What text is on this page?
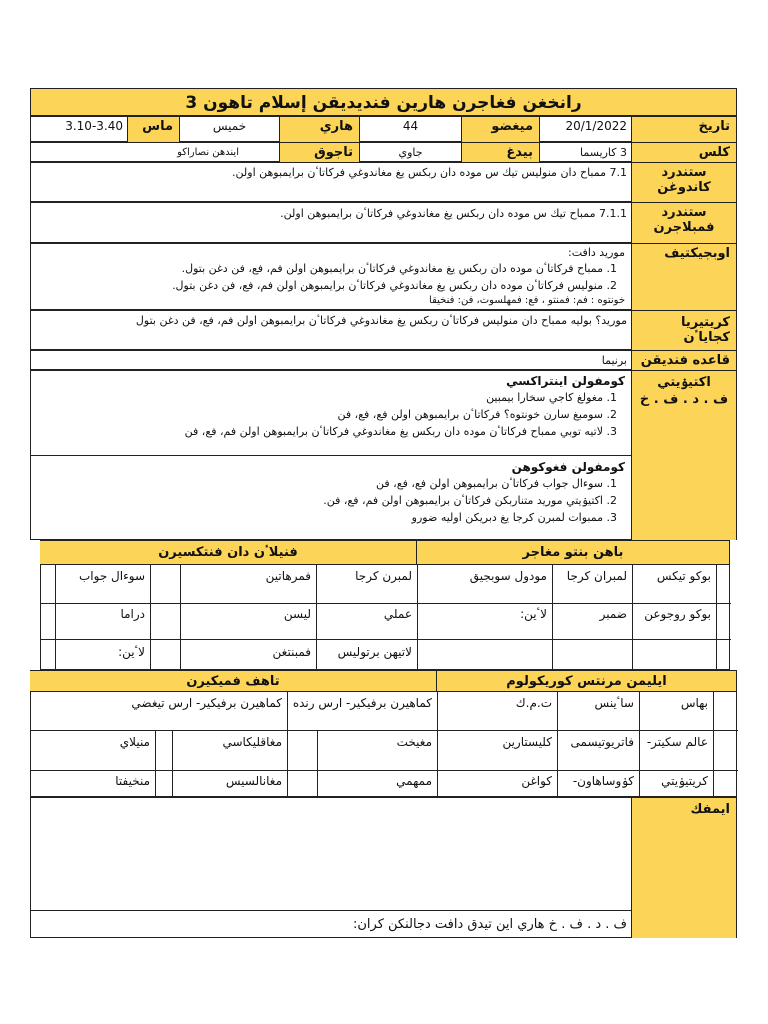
رانخغن فغاجرن هارين فنديديقن إسلام تاهون 3
تاريخ
20/1/2022
ميغضو
44
هاري
خميس
ماس
3.10-3.40
كلس
3 كاريسما
بيدغ
جاوي
تاجوق
ايندهن نصاراكو
ستندرد كاندوغن
7.1 ممباح دان منوليس تيك س موده دان ربكس يغ مغاندوغي فركاتاٴن برايمبوهن اولن.
ستندرد فمبلاجرن
7.1.1 ممباح تيك س موده دان ربكس يغ مغاندوغي فركاتاٴن برايمبوهن اولن.
اوبجيكتيف
موريد دافت:
1. ممباح فركاتاٴن موده دان ربكس يغ مغاندوغي فركاتاٴن برايمبوهن اولن فم، فع، فن دغن بتول.
2. منوليس فركاتاٴن موده دان ربكس يغ مغاندوغي فركاتاٴن برايمبوهن اولن فم، فع، فن دغن بتول.
خونتوه : فم: فمنتو ، فع: فمهلسوت، فن: فنخيقا
كريتيريا كجاياٴن
موريد؟ بوليه ممباح دان منوليس فركاتاٴن ربكس يغ مغاندوغي فركاتاٴن برايمبوهن اولن فم، فع، فن دغن بتول
قاعده فنديقن
برنيما
اكتيۏيتي
ف . د . ف . خ
كومفولن اينتراكسي
1. مغولغ كاجي سخارا بيمبين
2. سومبغ سارن خونتوه؟ فركاتاٴن برايمبوهن اولن فع، فع، فن
3. لاتيه توبي ممباح فركاتاٴن موده دان ربكس يغ مغاندوغي فركاتاٴن برايمبوهن اولن فم، فع، فن
كومفولن فغوكوهن
1. سوءال جواب فركاتاٴن برايمبوهن اولن فع، فع، فن
2. اكتيۏيتي موريد متناربكن فركاتاٴن برايمبوهن اولن فم، فع، فن.
3. ممبوات لمبرن كرجا يغ دبريكن اوليه ضورو
باهن بنتو مغاجر
فنيلاٴن دان فنتكسيرن
بوكو تيكس
لمبران كرجا
مودول سوبجيق
لمبرن كرجا
فمرهاتين
سوءال جواب
بوكو روجوعن
ضمبر
لاٴين:
عملي
ليسن
دراما
لاتيهن برتوليس
فمبنتغن
لاٴين:
ايليمن مرنتس كوريكولوم
تاهف فميكيرن
بهاس
ساٴينس
ت.م.ك
كماهيرن برفيكير- ارس رنده
كماهيرن برفيكير- ارس تيغضي
عالم سكيتر-
فاتريوتيسمى
كليستارين
مغيخت
مغاقليكاسي
منيلاي
كريتيۏيتي
كۏوساهاون-
كواغن
ممهمي
مغانالسيس
منخيفتا
ايمفك
ف . د . ف . خ هاري اين تيدق دافت دجالنكن كران:
